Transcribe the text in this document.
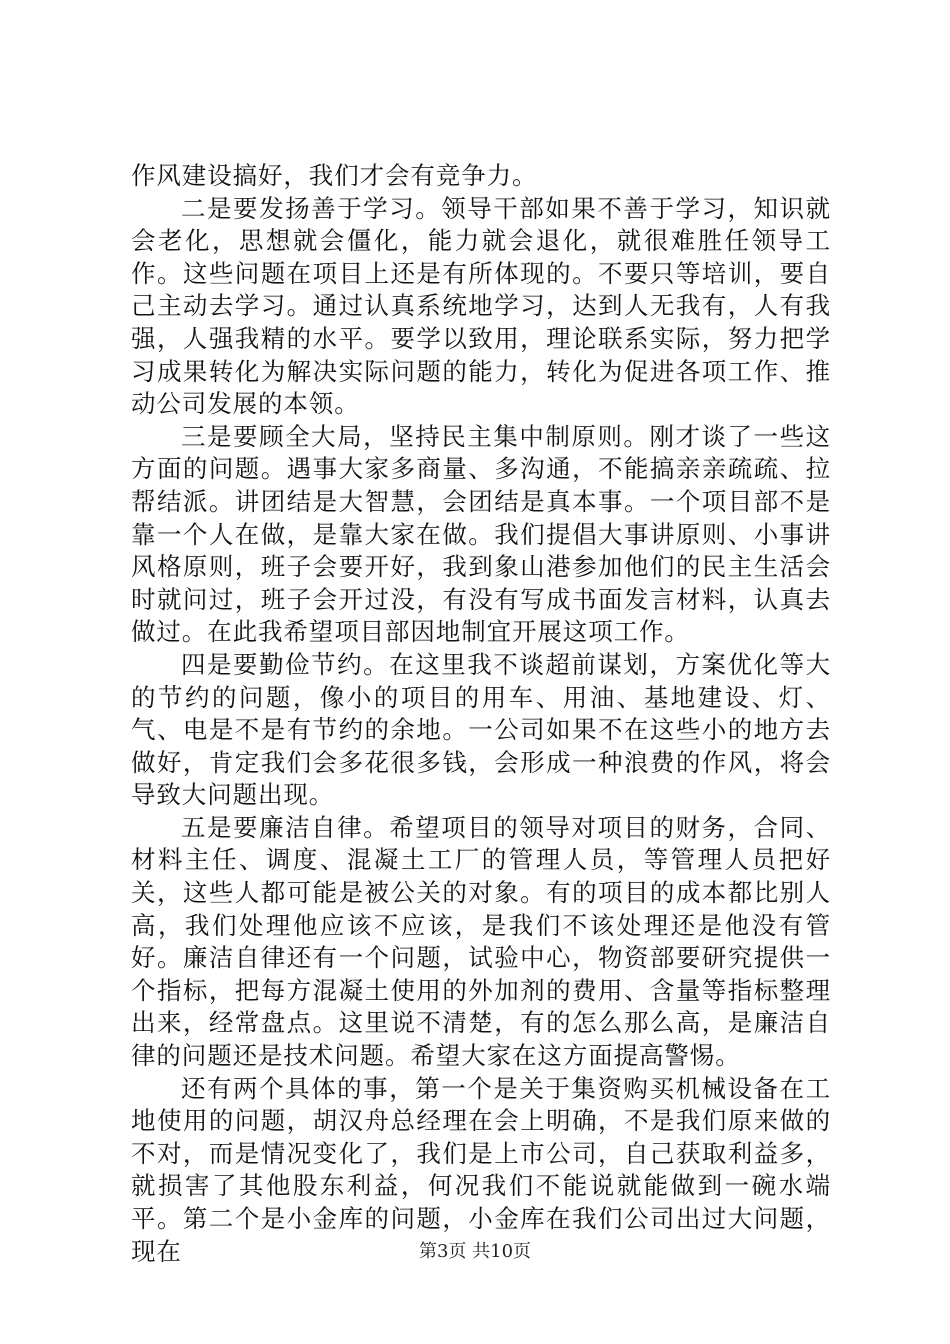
作风建设搞好，我们才会有竞争力。

二是要发扬善于学习。领导干部如果不善于学习，知识就会老化，思想就会僵化，能力就会退化，就很难胜任领导工作。这些问题在项目上还是有所体现的。不要只等培训，要自己主动去学习。通过认真系统地学习，达到人无我有，人有我强，人强我精的水平。要学以致用，理论联系实际，努力把学习成果转化为解决实际问题的能力，转化为促进各项工作、推动公司发展的本领。

三是要顾全大局，坚持民主集中制原则。刚才谈了一些这方面的问题。遇事大家多商量、多沟通，不能搞亲亲疏疏、拉帮结派。讲团结是大智慧，会团结是真本事。一个项目部不是靠一个人在做，是靠大家在做。我们提倡大事讲原则、小事讲风格原则，班子会要开好，我到象山港参加他们的民主生活会时就问过，班子会开过没，有没有写成书面发言材料，认真去做过。在此我希望项目部因地制宜开展这项工作。

四是要勤俭节约。在这里我不谈超前谋划，方案优化等大的节约的问题，像小的项目的用车、用油、基地建设、灯、气、电是不是有节约的余地。一公司如果不在这些小的地方去做好，肯定我们会多花很多钱，会形成一种浪费的作风，将会导致大问题出现。

五是要廉洁自律。希望项目的领导对项目的财务，合同、材料主任、调度、混凝土工厂的管理人员，等管理人员把好关，这些人都可能是被公关的对象。有的项目的成本都比别人高，我们处理他应该不应该，是我们不该处理还是他没有管好。廉洁自律还有一个问题，试验中心，物资部要研究提供一个指标，把每方混凝土使用的外加剂的费用、含量等指标整理出来，经常盘点。这里说不清楚，有的怎么那么高，是廉洁自律的问题还是技术问题。希望大家在这方面提高警惕。

还有两个具体的事，第一个是关于集资购买机械设备在工地使用的问题，胡汉舟总经理在会上明确，不是我们原来做的不对，而是情况变化了，我们是上市公司，自己获取利益多，就损害了其他股东利益，何况我们不能说就能做到一碗水端平。第二个是小金库的问题，小金库在我们公司出过大问题，现在	第3页 共10页
